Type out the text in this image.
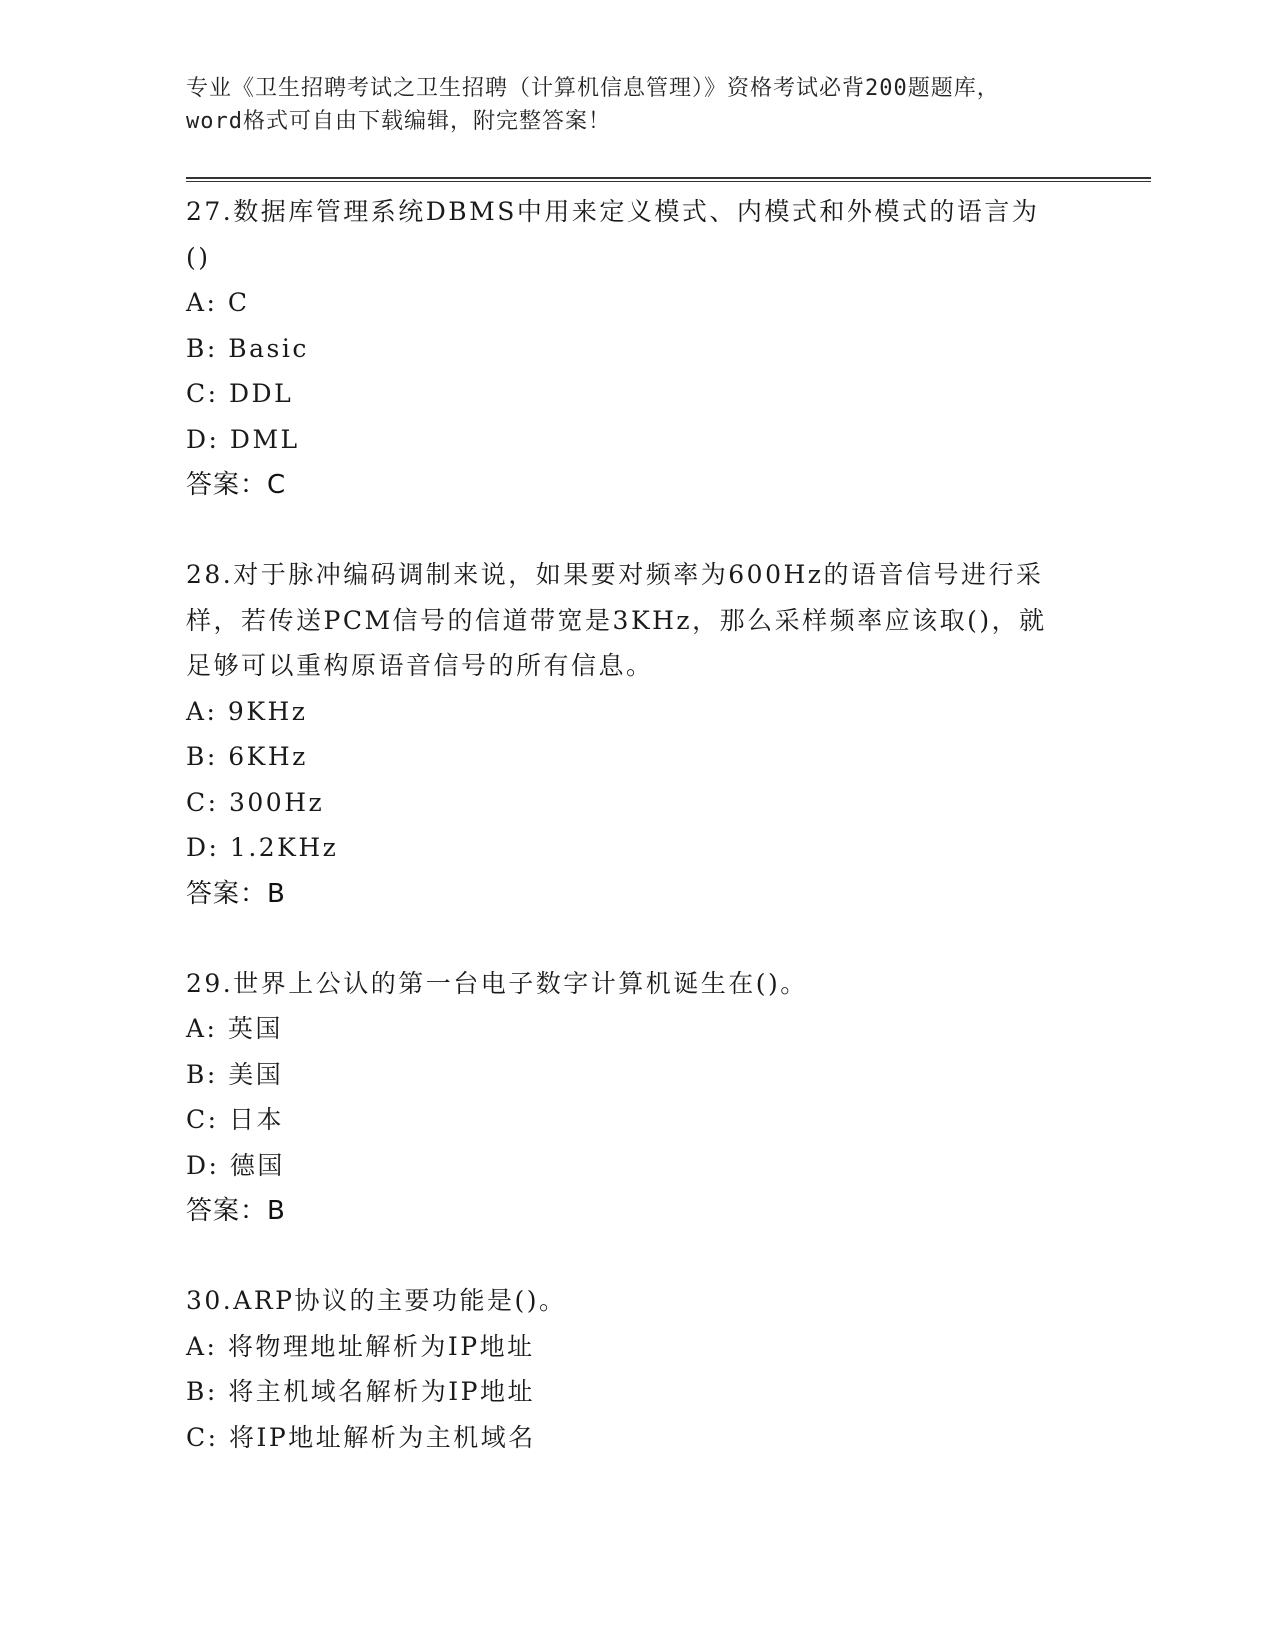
专业《卫生招聘考试之卫生招聘（计算机信息管理）》资格考试必背200题题库，
word格式可自由下载编辑，附完整答案！
27.数据库管理系统DBMS中用来定义模式、内模式和外模式的语言为
()
A: C
B: Basic
C: DDL
D: DML
答案：C
28.对于脉冲编码调制来说，如果要对频率为600Hz的语音信号进行采
样，若传送PCM信号的信道带宽是3KHz，那么采样频率应该取()，就
足够可以重构原语音信号的所有信息。
A: 9KHz
B: 6KHz
C: 300Hz
D: 1.2KHz
答案：B
29.世界上公认的第一台电子数字计算机诞生在()。
A: 英国
B: 美国
C: 日本
D: 德国
答案：B
30.ARP协议的主要功能是()。
A: 将物理地址解析为IP地址
B: 将主机域名解析为IP地址
C: 将IP地址解析为主机域名
